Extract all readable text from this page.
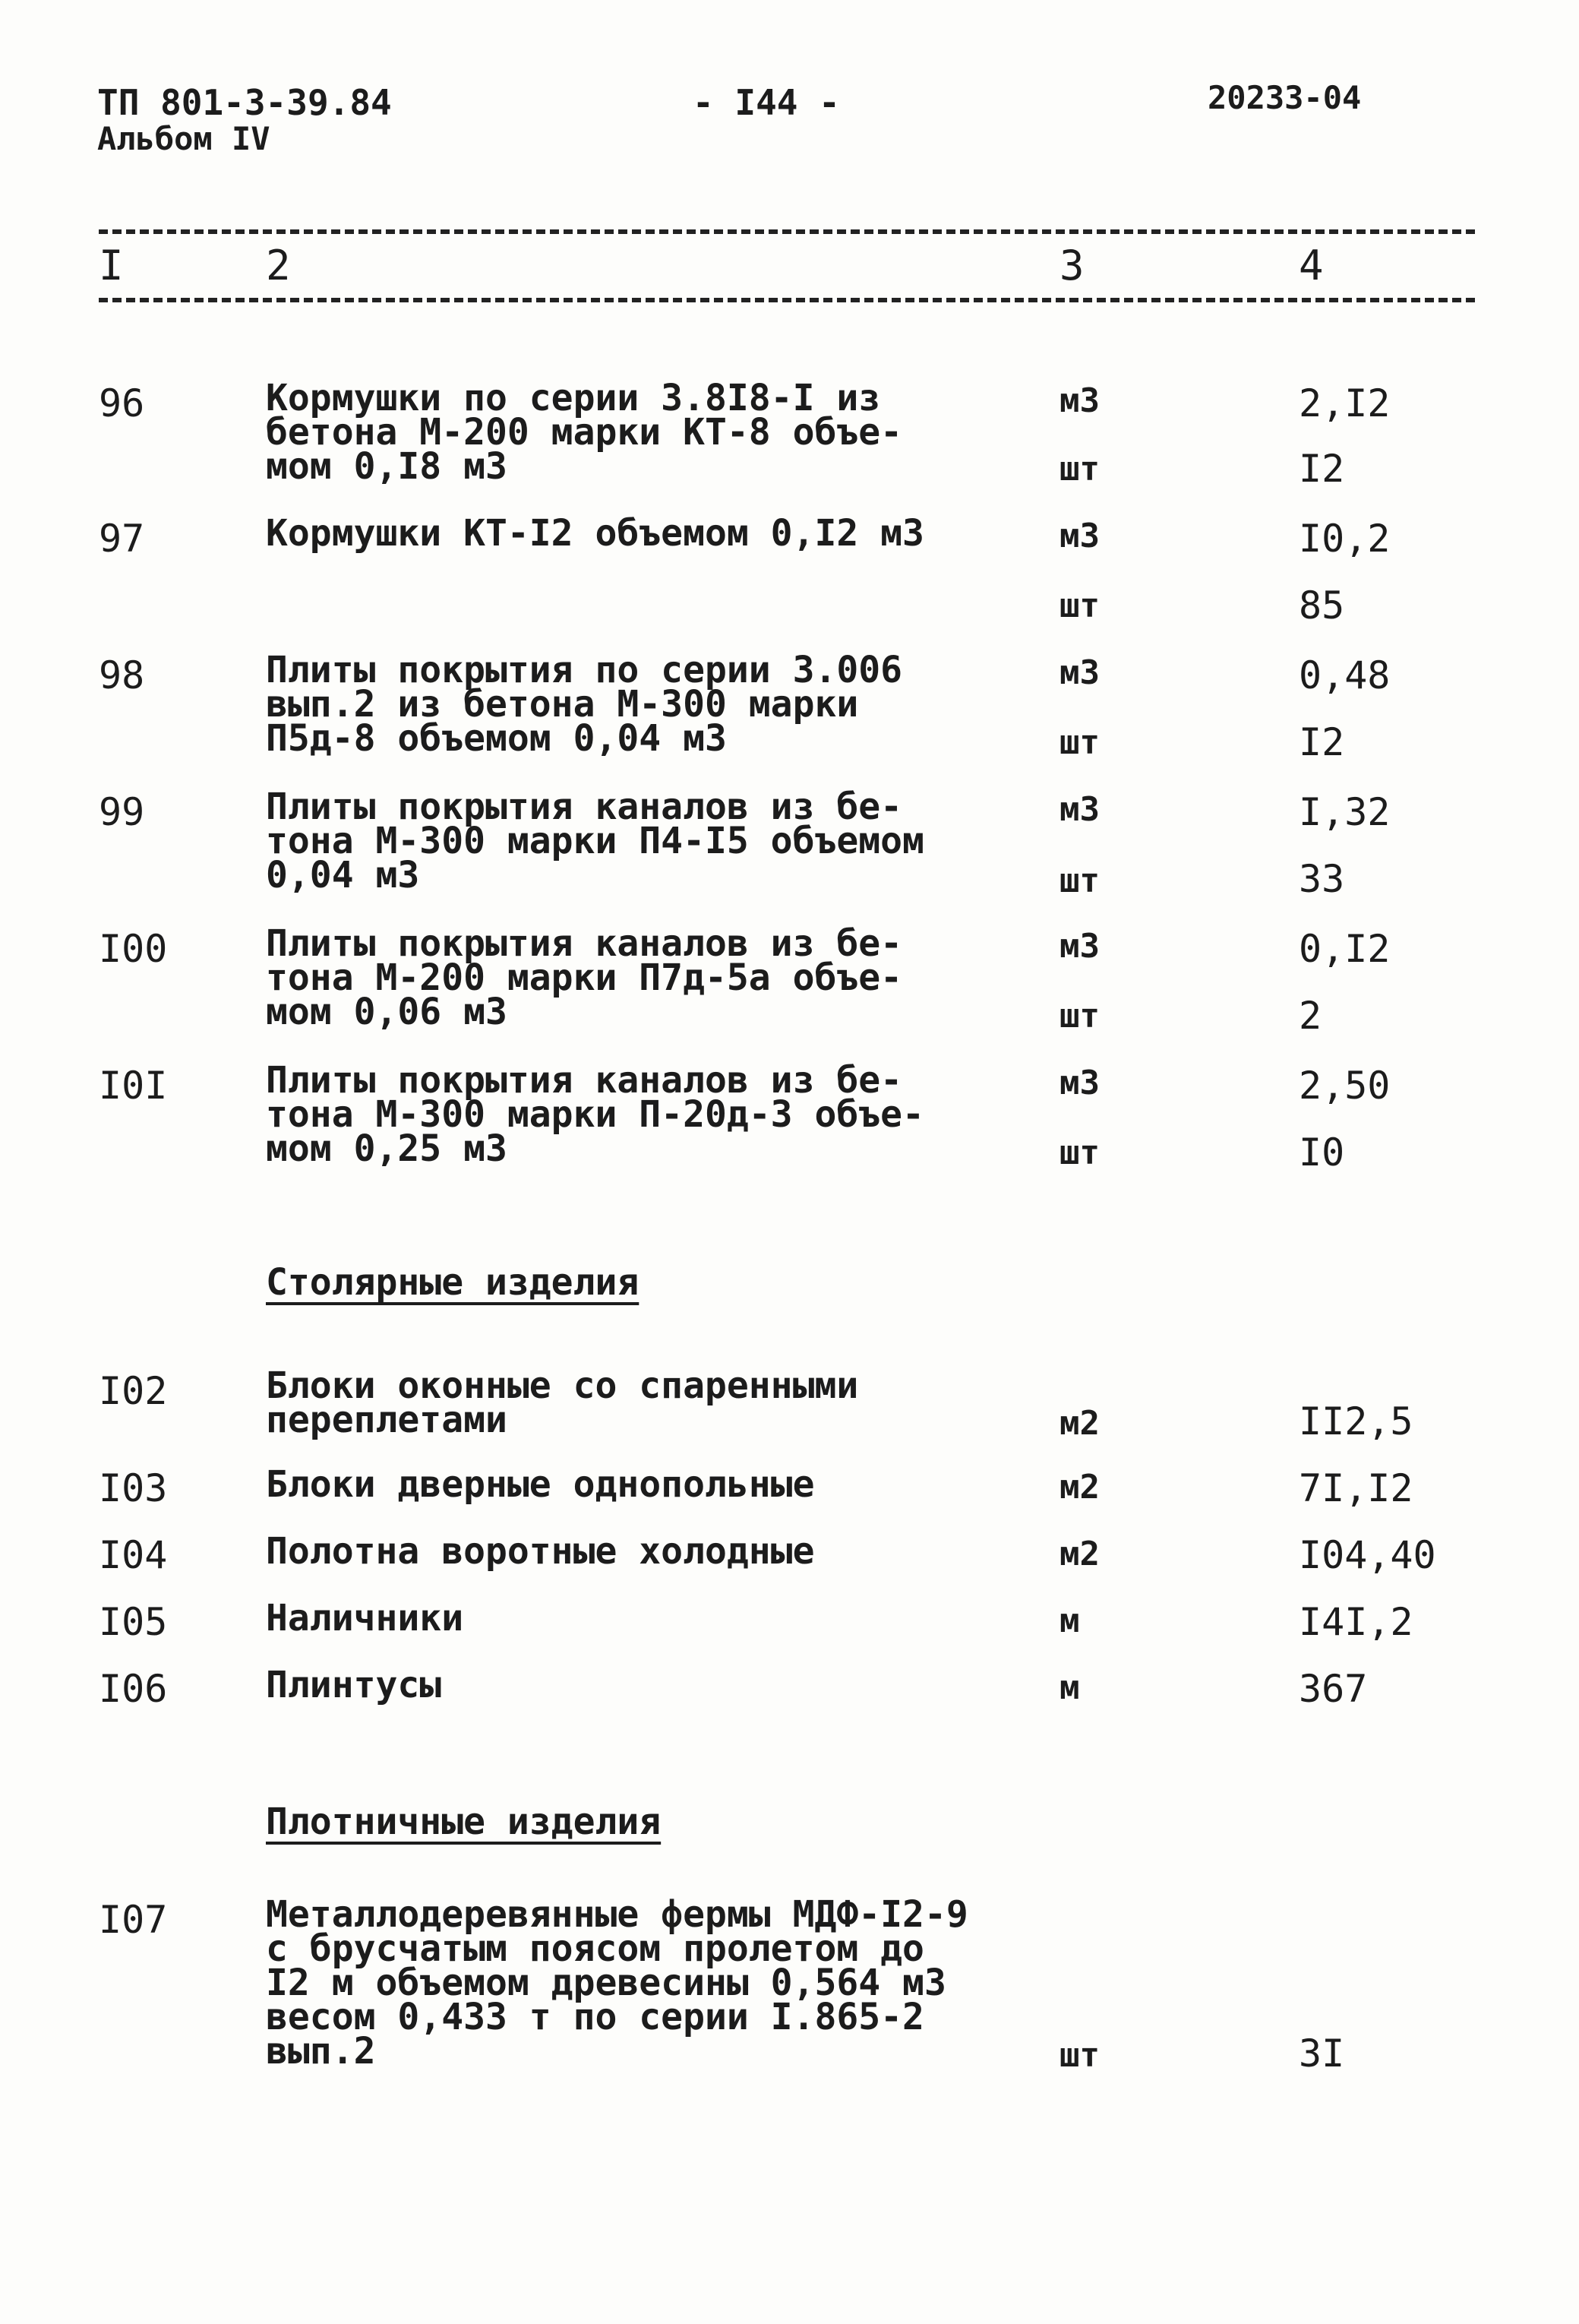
ТП 801-3-39.84
Альбом IV
- I44 -	20233-04
I	2	3	4
96	Кормушки по серии 3.8I8-I из
бетона М-200 марки КТ-8 объе-
мом 0,I8 м3
м3	2,I2
шт	I2
97	Кормушки КТ-I2 объемом 0,I2 м3	м3	I0,2
шт	85
98	Плиты покрытия по серии 3.006
вып.2 из бетона М-300 марки
П5д-8 объемом 0,04 м3
м3	0,48
шт	I2
99	Плиты покрытия каналов из бе-
тона М-300 марки П4-I5 объемом
0,04 м3
м3	I,32
шт	33
I00	Плиты покрытия каналов из бе-
тона М-200 марки П7д-5а объе-
мом 0,06 м3
м3	0,I2
шт	2
I0I	Плиты покрытия каналов из бе-
тона М-300 марки П-20д-3 объе-
мом 0,25 м3
м3	2,50
шт	I0
Столярные изделия
I02	Блоки оконные со спаренными
переплетами	м2	II2,5
I03	Блоки дверные однопольные	м2	7I,I2
I04	Полотна воротные холодные	м2	I04,40
I05	Наличники	м	I4I,2
I06	Плинтусы	м	367
Плотничные изделия
I07	Металлодеревянные фермы МДФ-I2-9
с брусчатым поясом пролетом до
I2 м объемом древесины 0,564 м3
весом 0,433 т по серии I.865-2
вып.2	шт	3I
